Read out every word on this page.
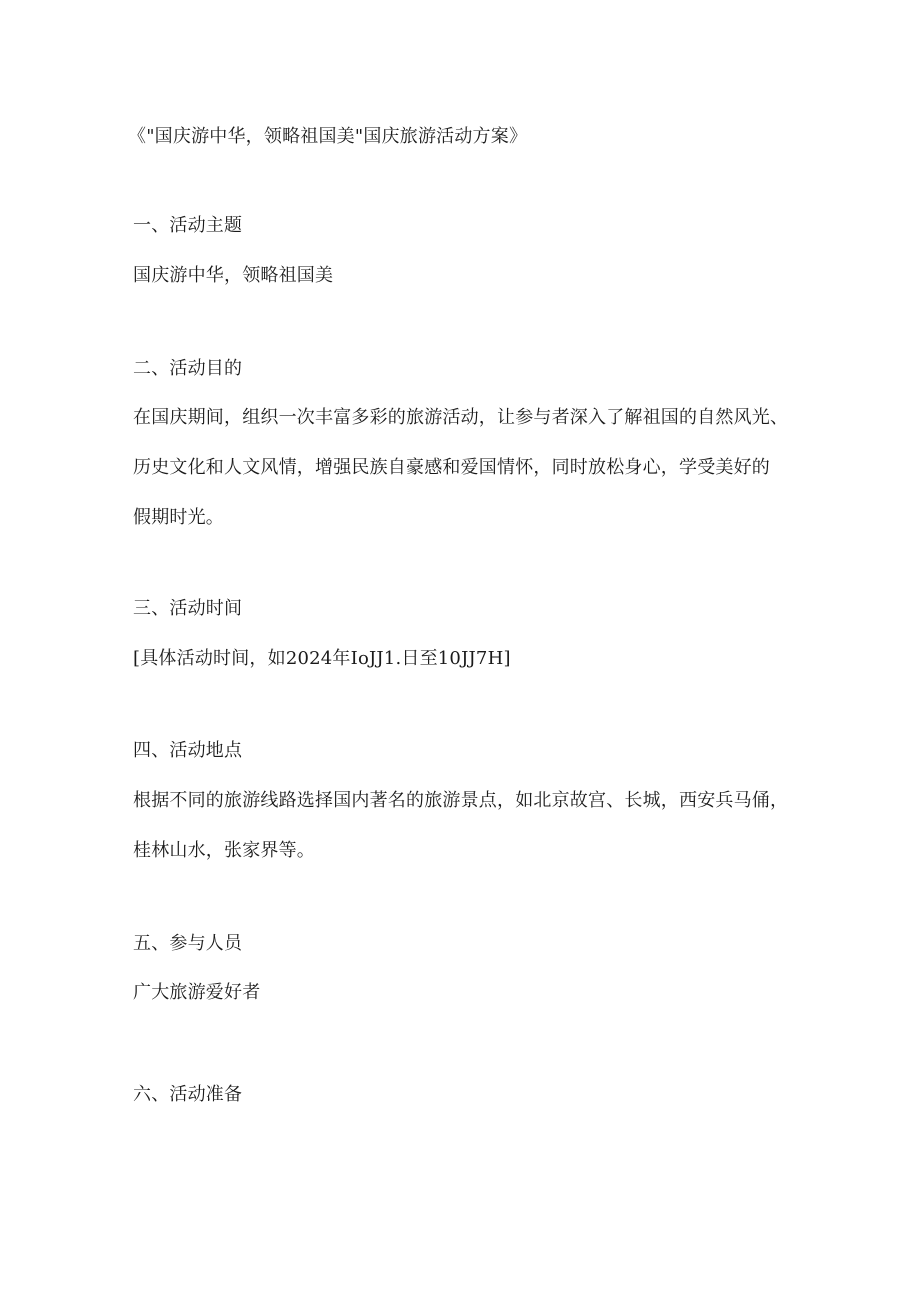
《"国庆游中华，领略祖国美"国庆旅游活动方案》
一、活动主题
国庆游中华，领略祖国美
二、活动目的
在国庆期间，组织一次丰富多彩的旅游活动，让参与者深入了解祖国的自然风光、
历史文化和人文风情，增强民族自豪感和爱国情怀，同时放松身心，学受美好的
假期时光。
三、活动时间
[具体活动时间，如2024年IoJJ1.日至10JJ7H]
四、活动地点
根据不同的旅游线路选择国内著名的旅游景点，如北京故宫、长城，西安兵马俑，
桂林山水，张家界等。
五、参与人员
广大旅游爱好者
六、活动准备
